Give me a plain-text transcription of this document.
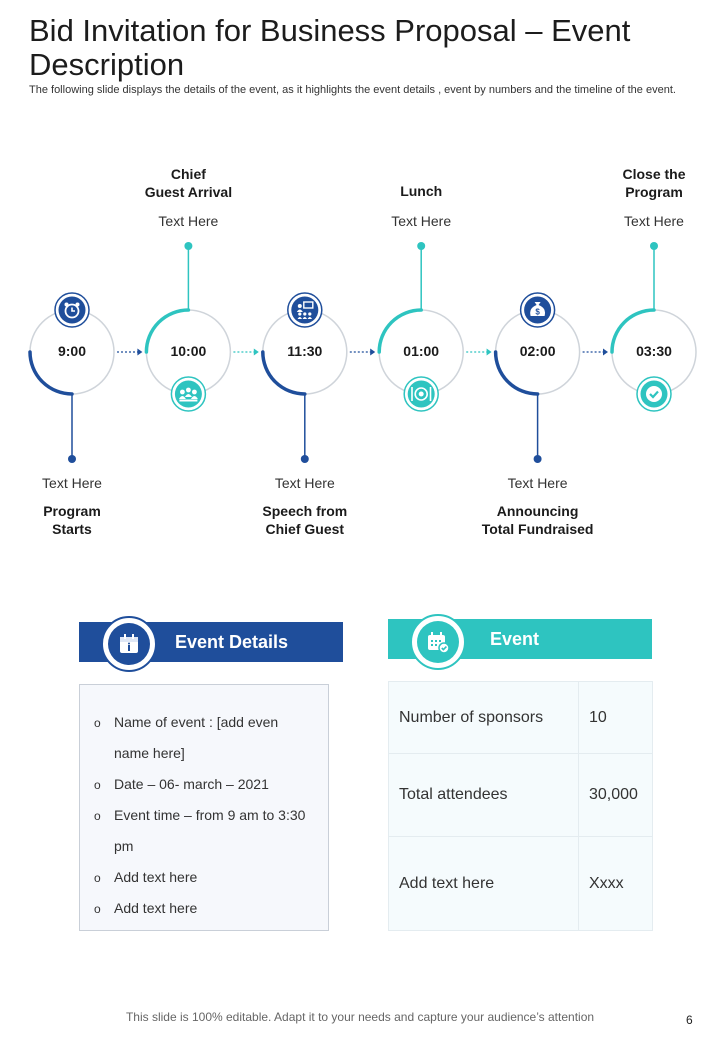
Bid Invitation for Business Proposal – Event Description
The following slide displays the details of the event, as it highlights the event details , event by numbers and the timeline of the event.
$
9:00
Program
Starts
Text Here
10:00
Chief
Guest Arrival
Text Here
11:30
Speech from
Chief Guest
Text Here
01:00
Lunch
Text Here
02:00
Announcing
Total Fundraised
Text Here
03:30
Close the
Program
Text Here
Event Details
o Name of event : [add even name here]
o Date – 06- march – 2021
o Event time – from 9 am to 3:30 pm
o Add text here
o Add text here
Event
Number of sponsors	10
Total attendees	30,000
Add text here	Xxxx
This slide is 100% editable. Adapt it to your needs and capture your audience’s attention	6
